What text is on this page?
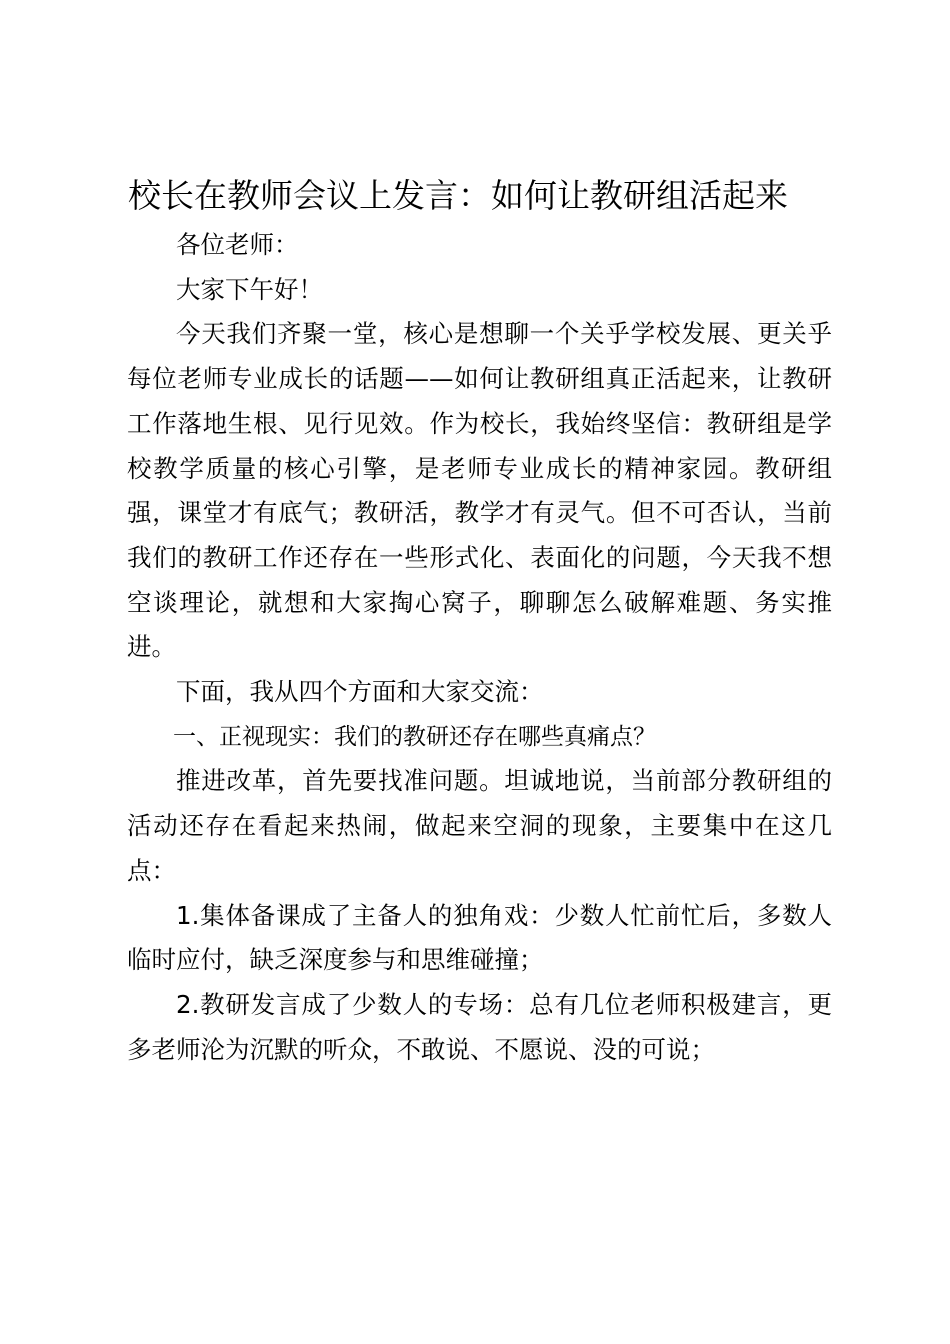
校长在教师会议上发言：如何让教研组活起来

各位老师：

大家下午好！

今天我们齐聚一堂，核心是想聊一个关乎学校发展、更关乎每位老师专业成长的话题——如何让教研组真正活起来，让教研工作落地生根、见行见效。作为校长，我始终坚信：教研组是学校教学质量的核心引擎，是老师专业成长的精神家园。教研组强，课堂才有底气；教研活，教学才有灵气。但不可否认，当前我们的教研工作还存在一些形式化、表面化的问题，今天我不想空谈理论，就想和大家掏心窝子，聊聊怎么破解难题、务实推进。

下面，我从四个方面和大家交流：

一、正视现实：我们的教研还存在哪些真痛点？

推进改革，首先要找准问题。坦诚地说，当前部分教研组的活动还存在看起来热闹，做起来空洞的现象，主要集中在这几点：

1.集体备课成了主备人的独角戏：少数人忙前忙后，多数人临时应付，缺乏深度参与和思维碰撞；

2.教研发言成了少数人的专场：总有几位老师积极建言，更多老师沦为沉默的听众，不敢说、不愿说、没的可说；
